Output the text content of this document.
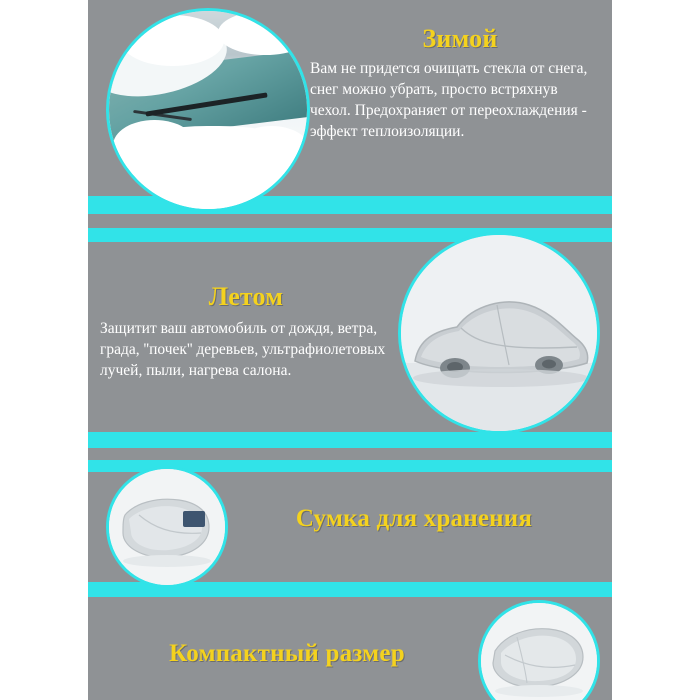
Зимой
Вам не придется очищать стекла от снега, снег можно убрать, просто встряхнув чехол. Предохраняет от переохлаждения - эффект теплоизоляции.
Летом
Защитит ваш автомобиль от дождя, ветра, града, ''почек'' деревьев, ультрафиолетовых лучей, пыли, нагрева салона.
Сумка для хранения
Компактный размер
